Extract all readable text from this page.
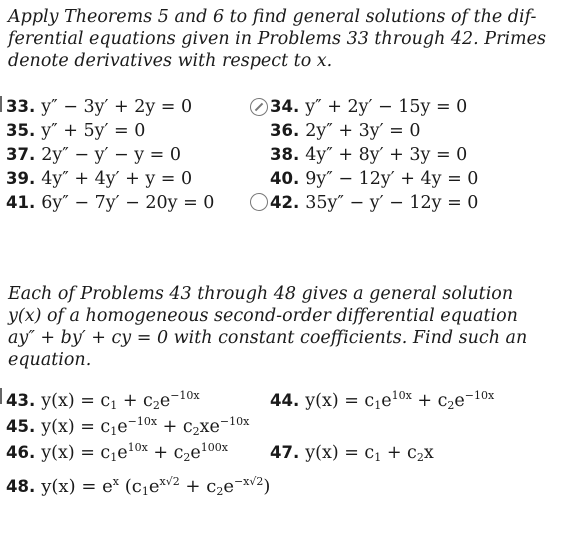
Apply Theorems 5 and 6 to find general solutions of the dif-

ferential equations given in Problems 33 through 42. Primes

denote derivatives with respect to x.

33. y″ − 3y′ + 2y = 0	34. y″ + 2y′ − 15y = 0
35. y″ + 5y′ = 0	36. 2y″ + 3y′ = 0
37. 2y″ − y′ − y = 0	38. 4y″ + 8y′ + 3y = 0
39. 4y″ + 4y′ + y = 0	40. 9y″ − 12y′ + 4y = 0
41. 6y″ − 7y′ − 20y = 0	42. 35y″ − y′ − 12y = 0

Each of Problems 43 through 48 gives a general solution

y(x) of a homogeneous second-order differential equation

ay″ + by′ + cy = 0 with constant coefficients. Find such an

equation.

43. $y(x) = c_1 + c_2e^{-10x}$	44. $y(x) = c_1e^{10x} + c_2e^{-10x}$
45. $y(x) = c_1e^{-10x} + c_2xe^{-10x}$
46. $y(x) = c_1e^{10x} + c_2e^{100x}$	47. $y(x) = c_1 + c_2x$
48. $y(x) = e^x$ $(c_1e^{x√2} + c_2e^{-x√2})$
